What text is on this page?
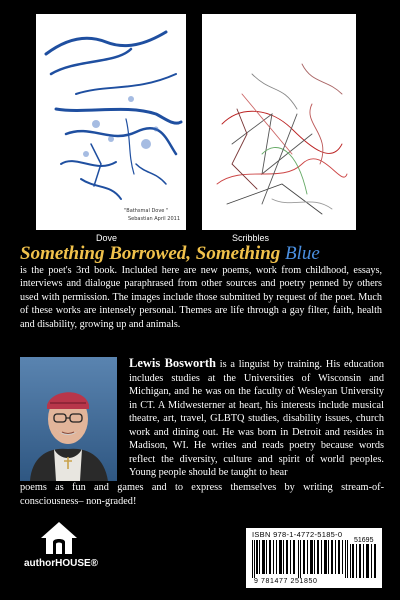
"Bathsmal Dove "
Sebastian April 2011
Dove	Scribbles
Something Borrowed, Something Blue
is the poet's 3rd book. Included here are new poems, work from childhood, essays, interviews and dialogue paraphrased from other sources and poetry penned by others used with permission. The images include those submitted by request of the poet. Much of these works are intensely personal. Themes are life through a gay filter, faith, health and disability, growing up and animals.
Lewis Bosworth is a linguist by training. His education includes studies at the Universities of Wisconsin and Michigan, and he was on the faculty of Wesleyan University in CT. A Midwesterner at heart, his interests include musical theatre, art, travel, GLBTQ studies, disability issues, church work and dining out. He was born in Detroit and resides in Madison, WI. He writes and reads poetry because words reflect the diversity, culture and spirit of world peoples. Young people should be taught to hear
poems as fun and games and to express themselves by writing stream-of-consciousness– non-graded!
authorHOUSE®
ISBN 978-1-4772-5185-0
51695
9 781477 251850
